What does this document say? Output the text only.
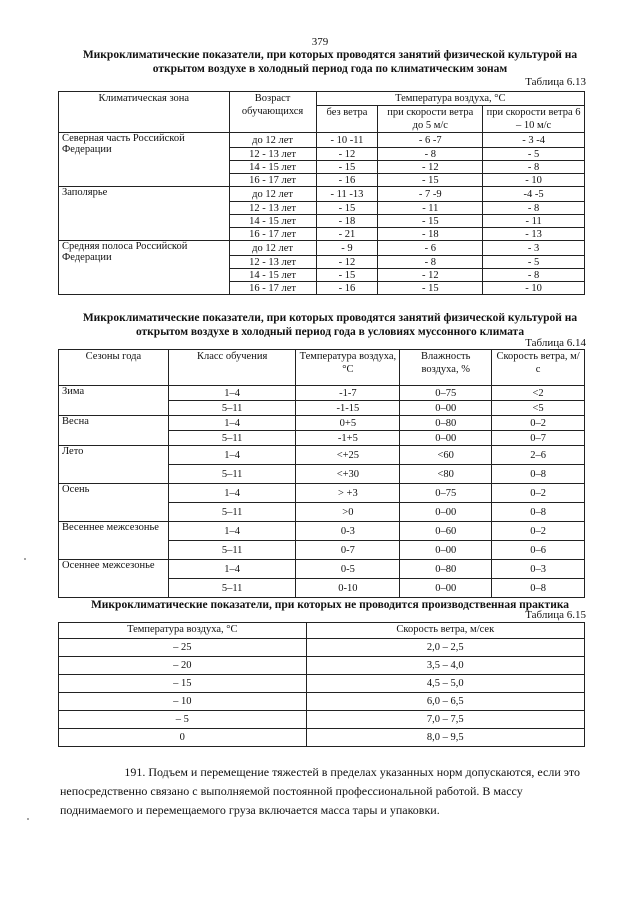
379
Микроклиматические показатели, при которых проводятся занятий физической культурой на
открытом воздухе в холодный период года по климатическим зонам
Таблица 6.13
Климатическая зона	Возраст обучающихся	Температура воздуха, °С		
		без ветра	при скорости ветра до 5 м/с	при скорости ветра 6 – 10 м/с
Северная часть Российской Федерации	до 12 лет	- 10 -11	- 6 -7	- 3 -4
	12 - 13 лет	- 12	- 8	- 5
	14 - 15 лет	- 15	- 12	- 8
	16 - 17 лет	- 16	- 15	- 10
Заполярье	до 12 лет	- 11 -13	- 7 -9	-4 -5
	12 - 13 лет	- 15	- 11	- 8
	14 - 15 лет	- 18	- 15	- 11
	16 - 17 лет	- 21	- 18	- 13
Средняя полоса Российской Федерации	до 12 лет	- 9	- 6	- 3
	12 - 13 лет	- 12	- 8	- 5
	14 - 15 лет	- 15	- 12	- 8
	16 - 17 лет	- 16	- 15	- 10
Микроклиматические показатели, при которых проводятся занятий физической культурой на
открытом воздухе в холодный период года в условиях муссонного климата
Таблица 6.14
Сезоны года	Класс обучения	Температура воздуха, °С	Влажность воздуха, %	Скорость ветра, м/с
Зима	1–4	-1-7	0–75	<2
	5–11	-1-15	0–00	<5
Весна	1–4	0+5	0–80	0–2
	5–11	-1+5	0–00	0–7
Лето	1–4	<+25	<60	2–6
	5–11	<+30	<80	0–8
Осень	1–4	> +3	0–75	0–2
	5–11	>0	0–00	0–8
Весеннее межсезонье	1–4	0-3	0–60	0–2
	5–11	0-7	0–00	0–6
Осеннее межсезонье	1–4	0-5	0–80	0–3
	5–11	0-10	0–00	0–8
Микроклиматические показатели, при которых не проводится производственная практика
Таблица 6.15
Температура воздуха, °С	Скорость ветра, м/сек
– 25	2,0 – 2,5
– 20	3,5 – 4,0
– 15	4,5 – 5,0
– 10	6,0 – 6,5
– 5	7,0 – 7,5
0	8,0 – 9,5
191. Подъем и перемещение тяжестей в пределах указанных норм допускаются, если это
непосредственно связано с выполняемой постоянной профессиональной работой. В массу
поднимаемого и перемещаемого груза включается масса тары и упаковки.
